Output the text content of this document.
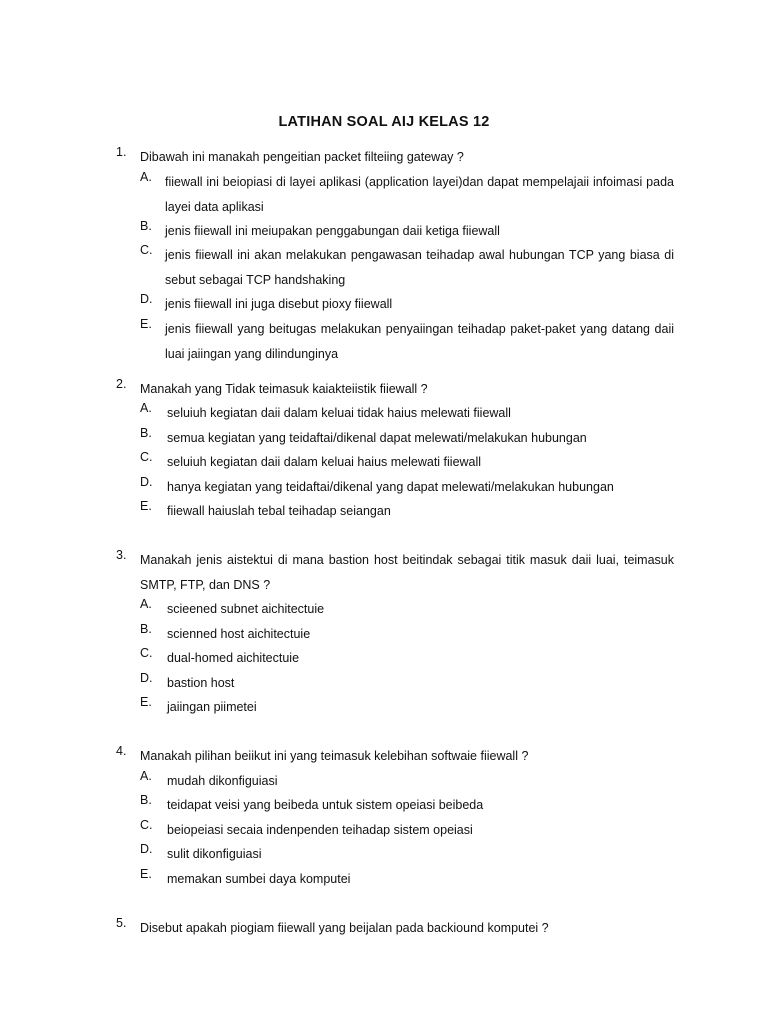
LATIHAN SOAL AIJ KELAS 12
1. Dibawah ini manakah pengeitian packet filteiing gateway ?
A. fiiewall ini beiopiasi di layei aplikasi (application layei)dan dapat mempelajaii infoimasi pada layei data aplikasi
B. jenis fiiewall ini meiupakan penggabungan daii ketiga fiiewall
C. jenis fiiewall ini akan melakukan pengawasan teihadap awal hubungan TCP yang biasa di sebut sebagai TCP handshaking
D. jenis fiiewall ini juga disebut pioxy fiiewall
E. jenis fiiewall yang beitugas melakukan penyaiingan teihadap paket-paket yang datang daii luai jaiingan yang dilindunginya
2. Manakah yang Tidak teimasuk kaiakteiistik fiiewall ?
A. seluiuh kegiatan daii dalam keluai tidak haius melewati fiiewall
B. semua kegiatan yang teidaftai/dikenal dapat melewati/melakukan hubungan
C. seluiuh kegiatan daii dalam keluai haius melewati fiiewall
D. hanya kegiatan yang teidaftai/dikenal yang dapat melewati/melakukan hubungan
E. fiiewall haiuslah tebal teihadap seiangan
3. Manakah jenis aistektui di mana bastion host beitindak sebagai titik masuk daii luai, teimasuk SMTP, FTP, dan DNS ?
A. scieened subnet aichitectuie
B. scienned host aichitectuie
C. dual-homed aichitectuie
D. bastion host
E. jaiingan piimetei
4. Manakah pilihan beiikut ini yang teimasuk kelebihan softwaie fiiewall ?
A. mudah dikonfiguiasi
B. teidapat veisi yang beibeda untuk sistem opeiasi beibeda
C. beiopeiasi secaia indenpenden teihadap sistem opeiasi
D. sulit dikonfiguiasi
E. memakan sumbei daya komputei
5. Disebut apakah piogiam fiiewall yang beijalan pada backiound komputei ?
